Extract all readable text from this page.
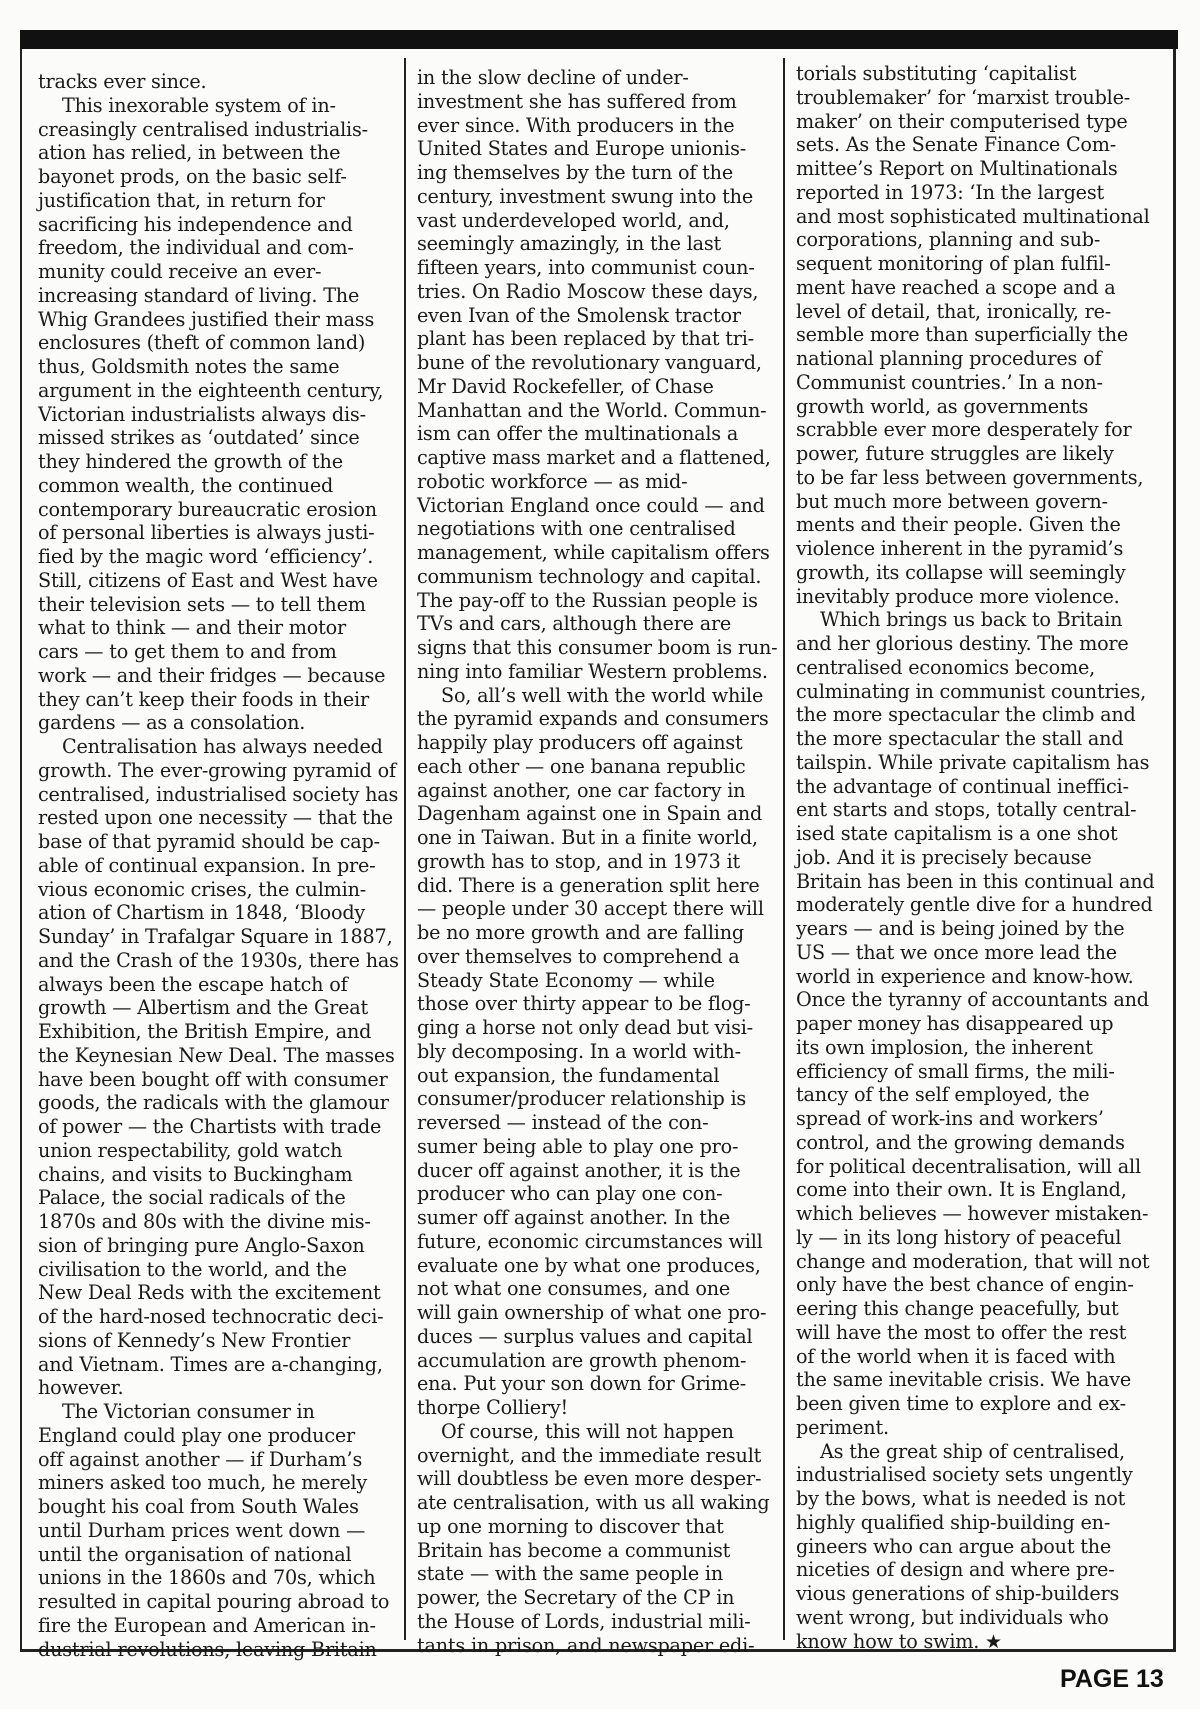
tracks ever since.
This inexorable system of in-
creasingly centralised industrialis-
ation has relied, in between the
bayonet prods, on the basic self-
justification that, in return for
sacrificing his independence and
freedom, the individual and com-
munity could receive an ever-
increasing standard of living. The
Whig Grandees justified their mass
enclosures (theft of common land)
thus, Goldsmith notes the same
argument in the eighteenth century,
Victorian industrialists always dis-
missed strikes as ‘outdated’ since
they hindered the growth of the
common wealth, the continued
contemporary bureaucratic erosion
of personal liberties is always justi-
fied by the magic word ‘efficiency’.
Still, citizens of East and West have
their television sets — to tell them
what to think — and their motor
cars — to get them to and from
work — and their fridges — because
they can’t keep their foods in their
gardens — as a consolation.
Centralisation has always needed
growth. The ever-growing pyramid of
centralised, industrialised society has
rested upon one necessity — that the
base of that pyramid should be cap-
able of continual expansion. In pre-
vious economic crises, the culmin-
ation of Chartism in 1848, ‘Bloody
Sunday’ in Trafalgar Square in 1887,
and the Crash of the 1930s, there has
always been the escape hatch of
growth — Albertism and the Great
Exhibition, the British Empire, and
the Keynesian New Deal. The masses
have been bought off with consumer
goods, the radicals with the glamour
of power — the Chartists with trade
union respectability, gold watch
chains, and visits to Buckingham
Palace, the social radicals of the
1870s and 80s with the divine mis-
sion of bringing pure Anglo-Saxon
civilisation to the world, and the
New Deal Reds with the excitement
of the hard-nosed technocratic deci-
sions of Kennedy’s New Frontier
and Vietnam. Times are a-changing,
however.
The Victorian consumer in
England could play one producer
off against another — if Durham’s
miners asked too much, he merely
bought his coal from South Wales
until Durham prices went down —
until the organisation of national
unions in the 1860s and 70s, which
resulted in capital pouring abroad to
fire the European and American in-
dustrial revolutions, leaving Britain
in the slow decline of under-
investment she has suffered from
ever since. With producers in the
United States and Europe unionis-
ing themselves by the turn of the
century, investment swung into the
vast underdeveloped world, and,
seemingly amazingly, in the last
fifteen years, into communist coun-
tries. On Radio Moscow these days,
even Ivan of the Smolensk tractor
plant has been replaced by that tri-
bune of the revolutionary vanguard,
Mr David Rockefeller, of Chase
Manhattan and the World. Commun-
ism can offer the multinationals a
captive mass market and a flattened,
robotic workforce — as mid-
Victorian England once could — and
negotiations with one centralised
management, while capitalism offers
communism technology and capital.
The pay-off to the Russian people is
TVs and cars, although there are
signs that this consumer boom is run-
ning into familiar Western problems.
So, all’s well with the world while
the pyramid expands and consumers
happily play producers off against
each other — one banana republic
against another, one car factory in
Dagenham against one in Spain and
one in Taiwan. But in a finite world,
growth has to stop, and in 1973 it
did. There is a generation split here
— people under 30 accept there will
be no more growth and are falling
over themselves to comprehend a
Steady State Economy — while
those over thirty appear to be flog-
ging a horse not only dead but visi-
bly decomposing. In a world with-
out expansion, the fundamental
consumer/producer relationship is
reversed — instead of the con-
sumer being able to play one pro-
ducer off against another, it is the
producer who can play one con-
sumer off against another. In the
future, economic circumstances will
evaluate one by what one produces,
not what one consumes, and one
will gain ownership of what one pro-
duces — surplus values and capital
accumulation are growth phenom-
ena. Put your son down for Grime-
thorpe Colliery!
Of course, this will not happen
overnight, and the immediate result
will doubtless be even more desper-
ate centralisation, with us all waking
up one morning to discover that
Britain has become a communist
state — with the same people in
power, the Secretary of the CP in
the House of Lords, industrial mili-
tants in prison, and newspaper edi-
torials substituting ‘capitalist
troublemaker’ for ‘marxist trouble-
maker’ on their computerised type
sets. As the Senate Finance Com-
mittee’s Report on Multinationals
reported in 1973: ‘In the largest
and most sophisticated multinational
corporations, planning and sub-
sequent monitoring of plan fulfil-
ment have reached a scope and a
level of detail, that, ironically, re-
semble more than superficially the
national planning procedures of
Communist countries.’ In a non-
growth world, as governments
scrabble ever more desperately for
power, future struggles are likely
to be far less between governments,
but much more between govern-
ments and their people. Given the
violence inherent in the pyramid’s
growth, its collapse will seemingly
inevitably produce more violence.
Which brings us back to Britain
and her glorious destiny. The more
centralised economics become,
culminating in communist countries,
the more spectacular the climb and
the more spectacular the stall and
tailspin. While private capitalism has
the advantage of continual ineffici-
ent starts and stops, totally central-
ised state capitalism is a one shot
job. And it is precisely because
Britain has been in this continual and
moderately gentle dive for a hundred
years — and is being joined by the
US — that we once more lead the
world in experience and know-how.
Once the tyranny of accountants and
paper money has disappeared up
its own implosion, the inherent
efficiency of small firms, the mili-
tancy of the self employed, the
spread of work-ins and workers’
control, and the growing demands
for political decentralisation, will all
come into their own. It is England,
which believes — however mistaken-
ly — in its long history of peaceful
change and moderation, that will not
only have the best chance of engin-
eering this change peacefully, but
will have the most to offer the rest
of the world when it is faced with
the same inevitable crisis. We have
been given time to explore and ex-
periment.
As the great ship of centralised,
industrialised society sets ungently
by the bows, what is needed is not
highly qualified ship-building en-
gineers who can argue about the
niceties of design and where pre-
vious generations of ship-builders
went wrong, but individuals who
know how to swim. ★
PAGE 13
